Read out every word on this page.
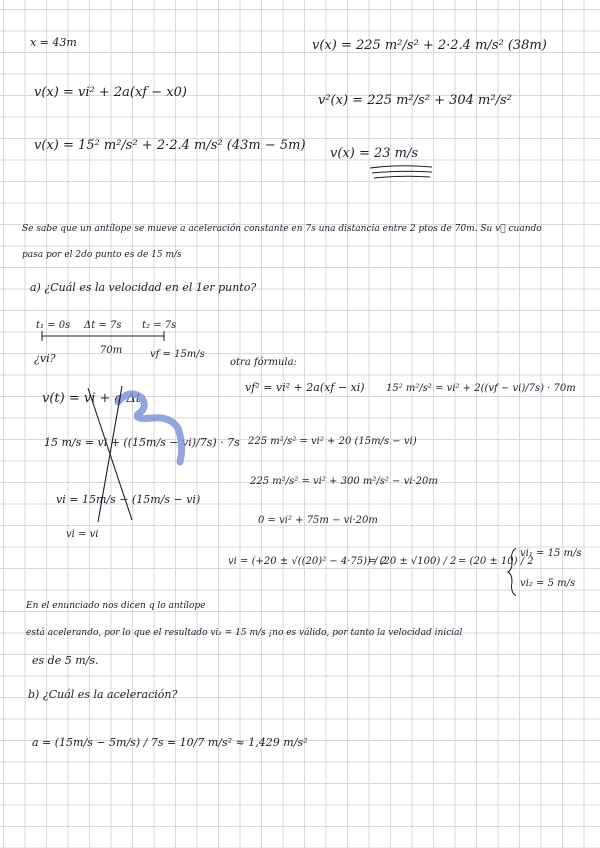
x = 43m
v(x) = vi² + 2a(xf − x0)
v(x) = 15² m²/s² + 2·2.4 m/s² (43m − 5m)
v(x) = 225 m²/s² + 2·2.4 m/s² (38m)
v²(x) = 225 m²/s² + 304 m²/s²
v(x) = 23 m/s
Se sabe que un antílope se mueve a aceleración constante en 7s una distancia entre 2 ptos de 70m. Su v⃗ cuando
pasa por el 2do punto es de 15 m/s
a) ¿Cuál es la velocidad en el 1er punto?
t₁ = 0s Δt = 7s t₂ = 7s
70m
¿vi?	vf = 15m/s
v(t) = vi + a Δt
15 m/s = vi + ((15m/s − vi)/7s) · 7s
vi = 15m/s − (15m/s − vi)
vi = vi
otra fórmula:
vf² = vi² + 2a(xf − xi) 15² m²/s² = vi² + 2((vf − vi)/7s) · 70m
225 m²/s² = vi² + 20 (15m/s − vi)
225 m²/s² = vi² + 300 m²/s² − vi·20m
0 = vi² + 75m − vi·20m
vi = (+20 ± √((20)² − 4·75)) / 2
= (20 ± √100) / 2 = (20 ± 10) / 2
vi₁ = 15 m/s
vi₂ = 5 m/s
En el enunciado nos dicen q lo antílope
está acelerando, por lo que el resultado vi₁ = 15 m/s ¡no es válido, por tanto la velocidad inicial
es de 5 m/s.
b) ¿Cuál es la aceleración?
a = (15m/s − 5m/s) / 7s = 10/7 m/s² ≈ 1,429 m/s²
